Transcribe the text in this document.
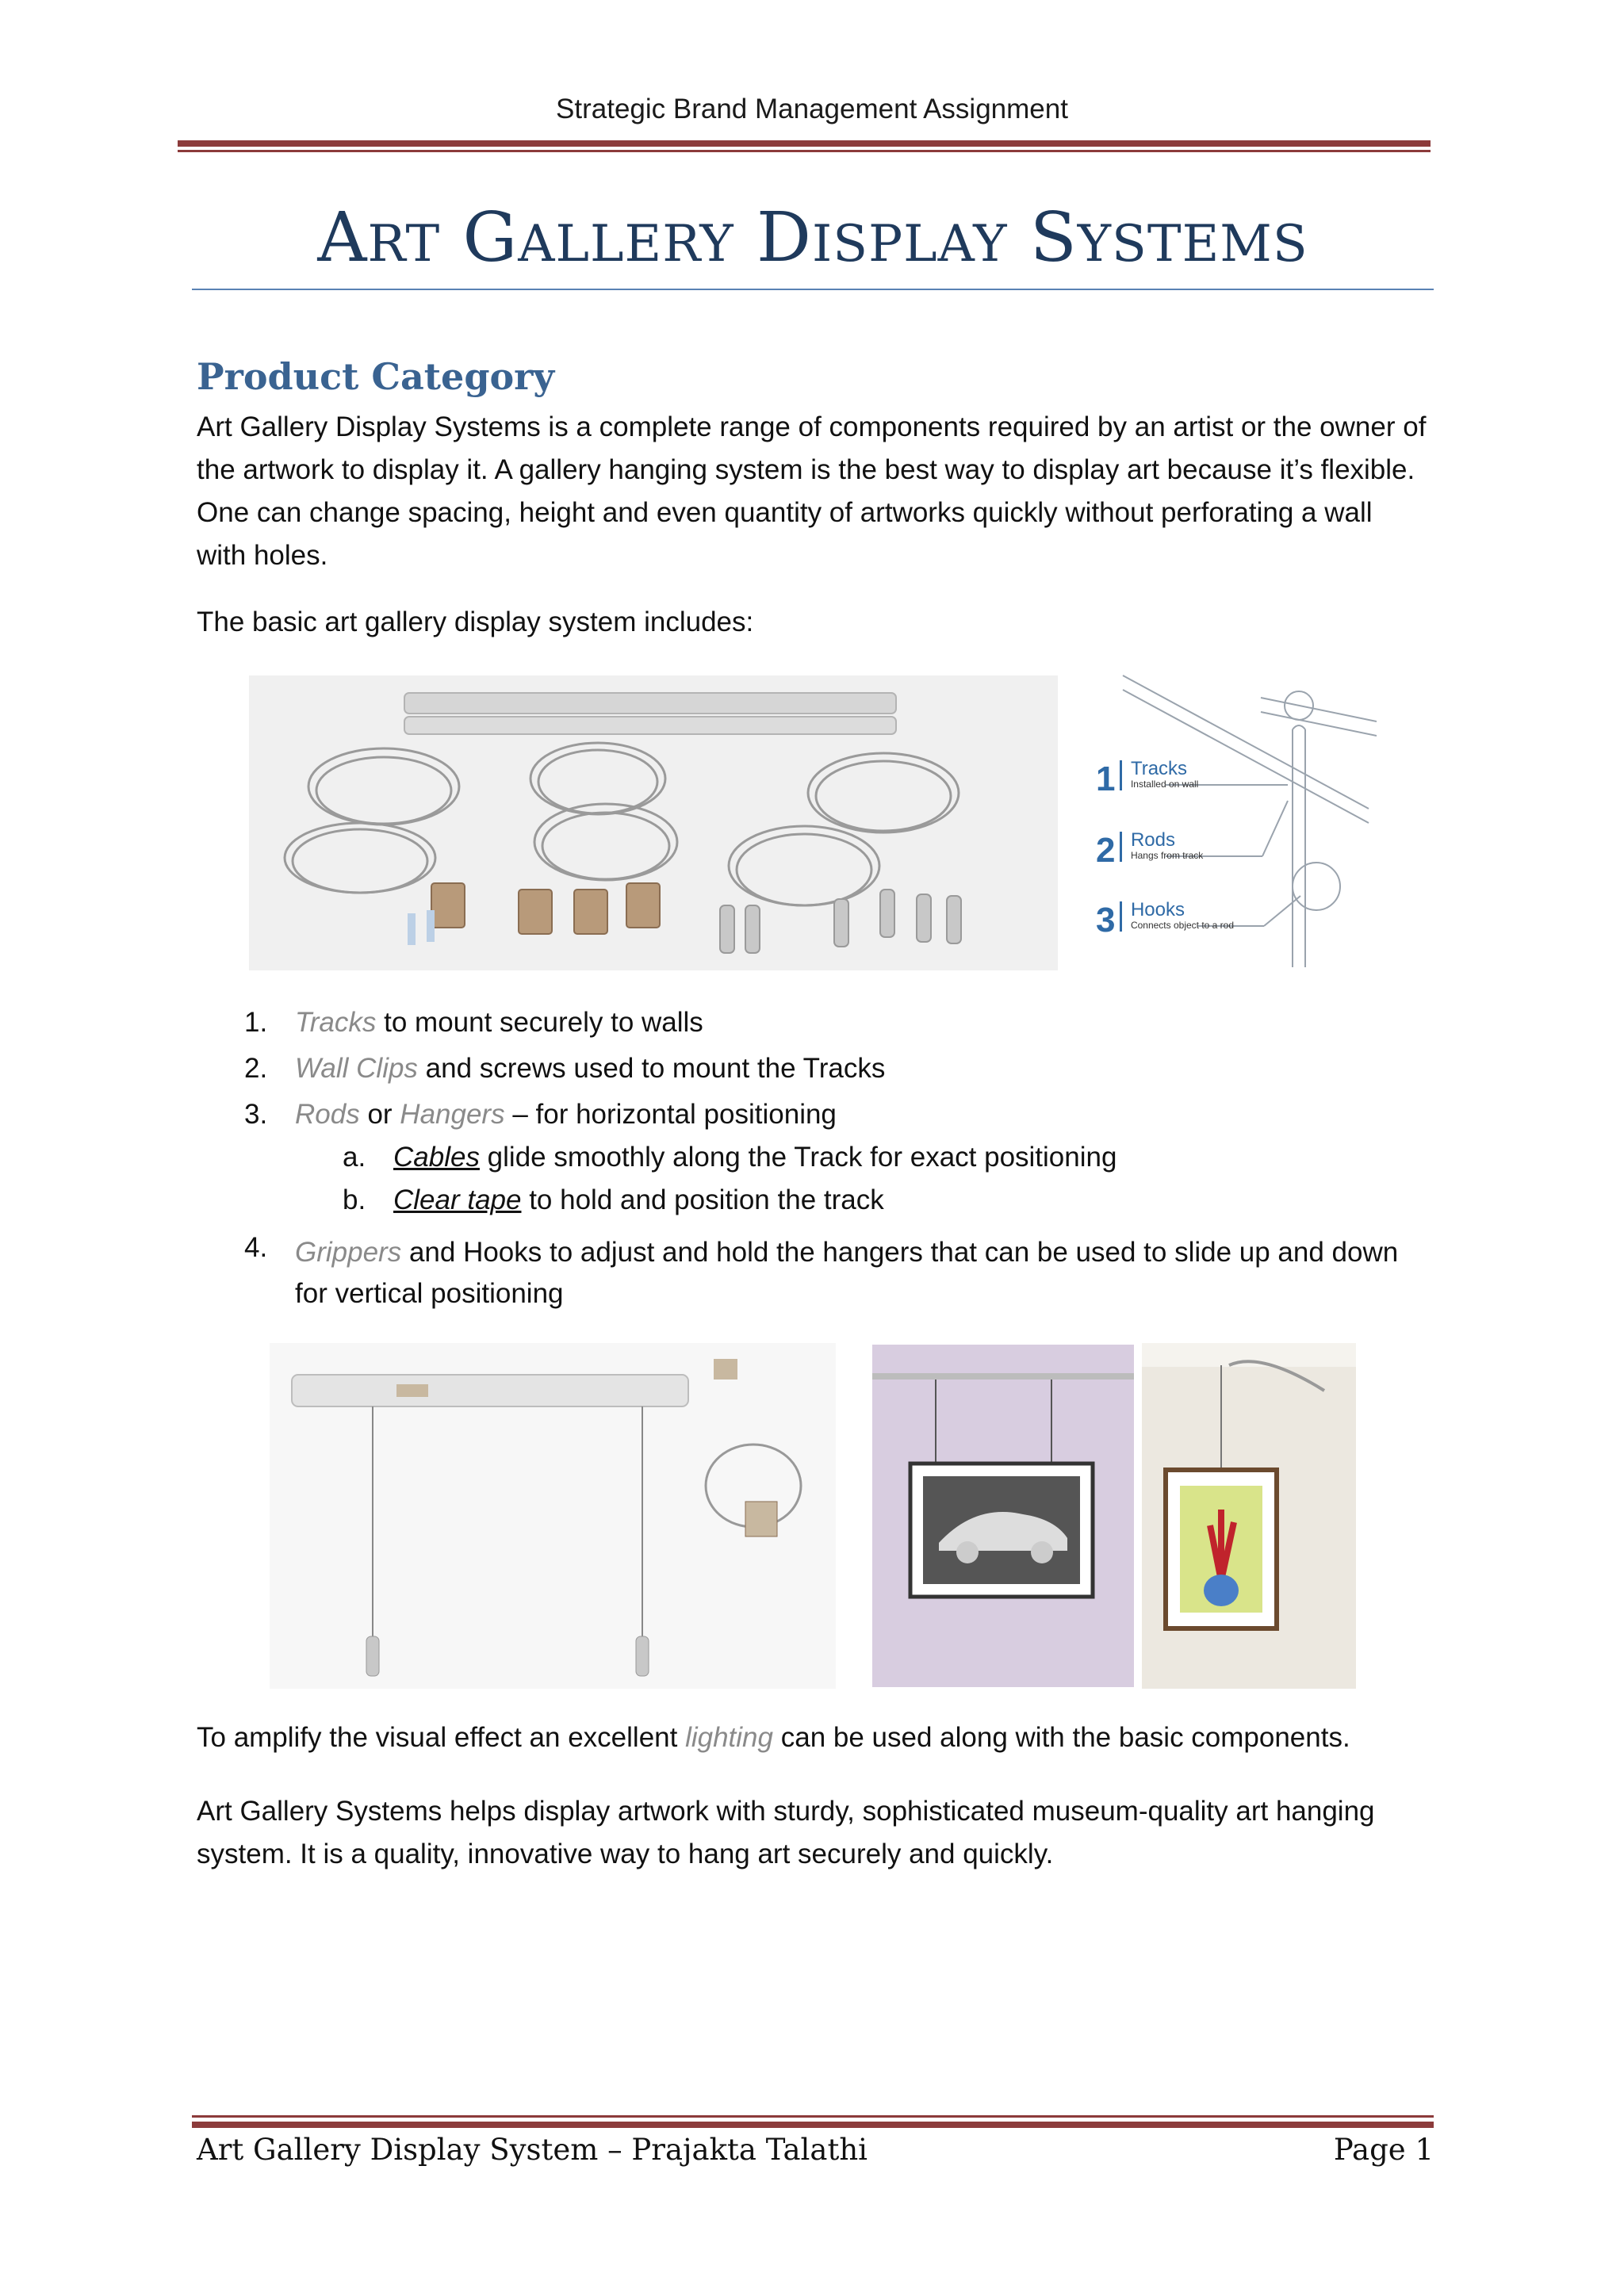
Strategic Brand Management Assignment
ART GALLERY DISPLAY SYSTEMS
Product Category
Art Gallery Display Systems is a complete range of components required by an artist or the owner of
the artwork to display it. A gallery hanging system is the best way to display art because it’s flexible.
One can change spacing, height and even quantity of artworks quickly without perforating a wall
with holes.
The basic art gallery display system includes:
1 Tracks
Installed on wall
2 Rods
Hangs from track
3 Hooks
Connects object to a rod
1. Tracks to mount securely to walls
2. Wall Clips and screws used to mount the Tracks
3. Rods or Hangers – for horizontal positioning
a. Cables glide smoothly along the Track for exact positioning
b. Clear tape to hold and position the track
4. Grippers and Hooks to adjust and hold the hangers that can be used to slide up and down
for vertical positioning
To amplify the visual effect an excellent lighting can be used along with the basic components.
Art Gallery Systems helps display artwork with sturdy, sophisticated museum-quality art hanging
system. It is a quality, innovative way to hang art securely and quickly.
Art Gallery Display System – Prajakta Talathi	Page 1
